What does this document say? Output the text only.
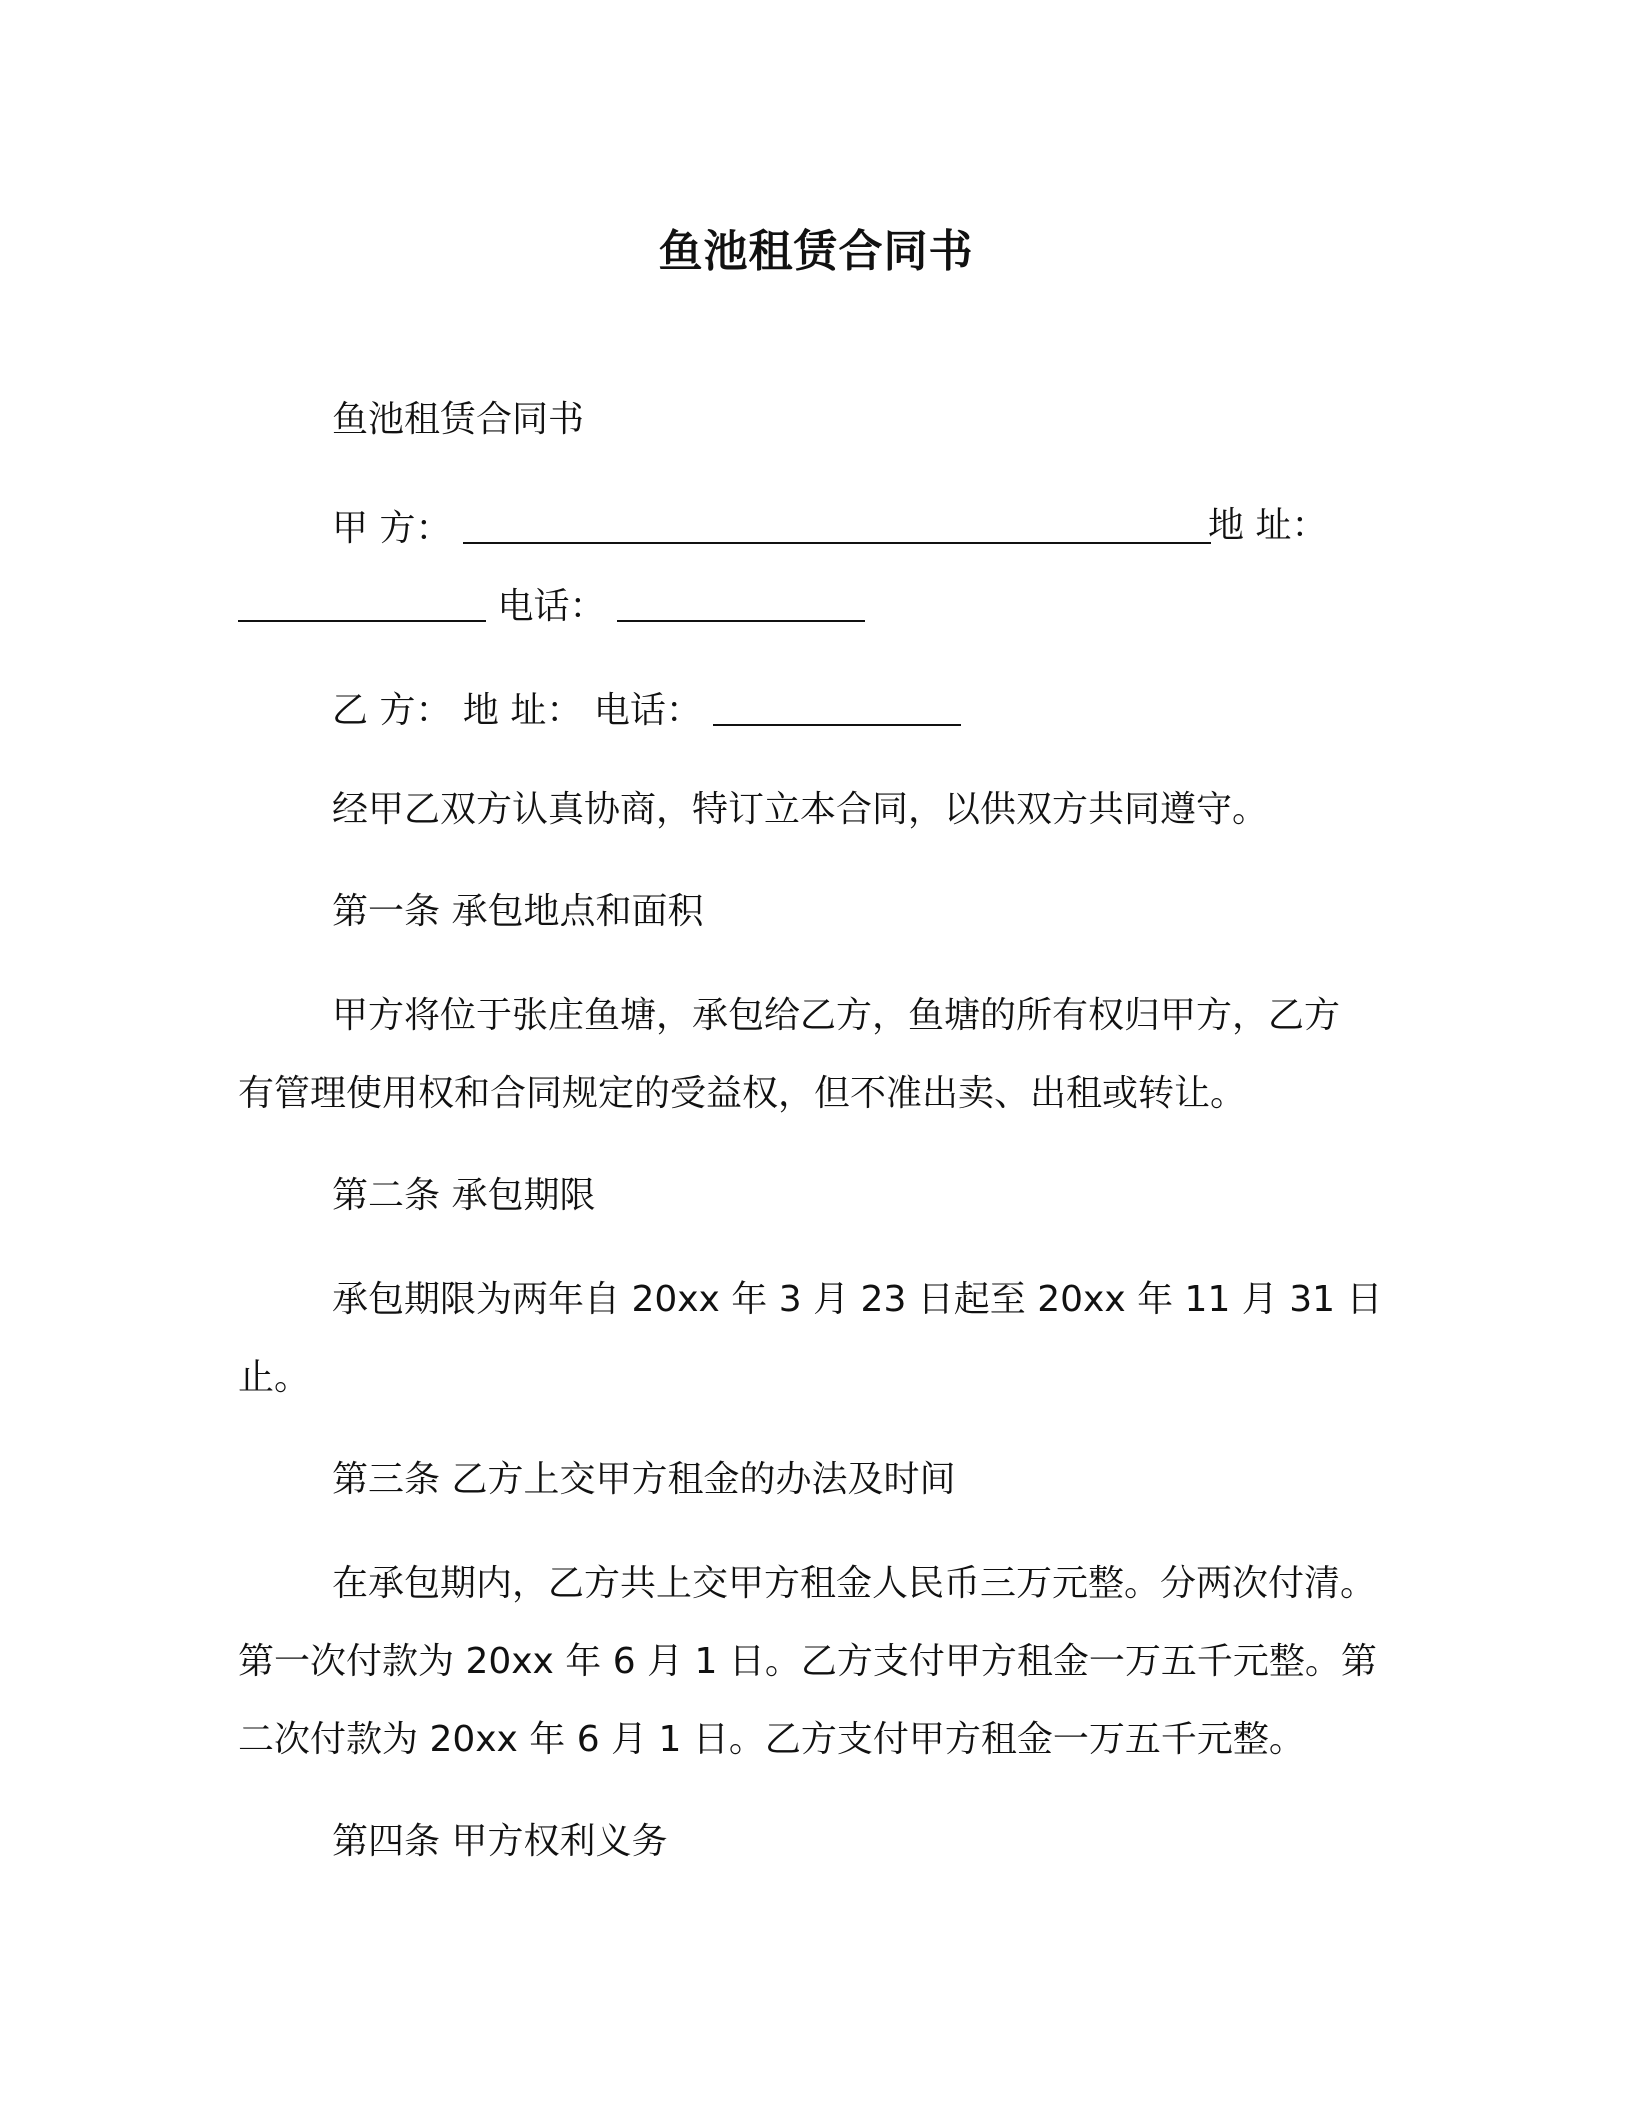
鱼池租赁合同书

鱼池租赁合同书

甲 方：	地 址：

电话：

乙 方： 地 址： 电话：

经甲乙双方认真协商，特订立本合同，以供双方共同遵守。

第一条 承包地点和面积

甲方将位于张庄鱼塘，承包给乙方，鱼塘的所有权归甲方，乙方

有管理使用权和合同规定的受益权，但不准出卖、出租或转让。

第二条 承包期限

承包期限为两年自 20xx 年 3 月 23 日起至 20xx 年 11 月 31 日

止。

第三条 乙方上交甲方租金的办法及时间

在承包期内，乙方共上交甲方租金人民币三万元整。分两次付清。

第一次付款为 20xx 年 6 月 1 日。乙方支付甲方租金一万五千元整。第

二次付款为 20xx 年 6 月 1 日。乙方支付甲方租金一万五千元整。

第四条 甲方权利义务
